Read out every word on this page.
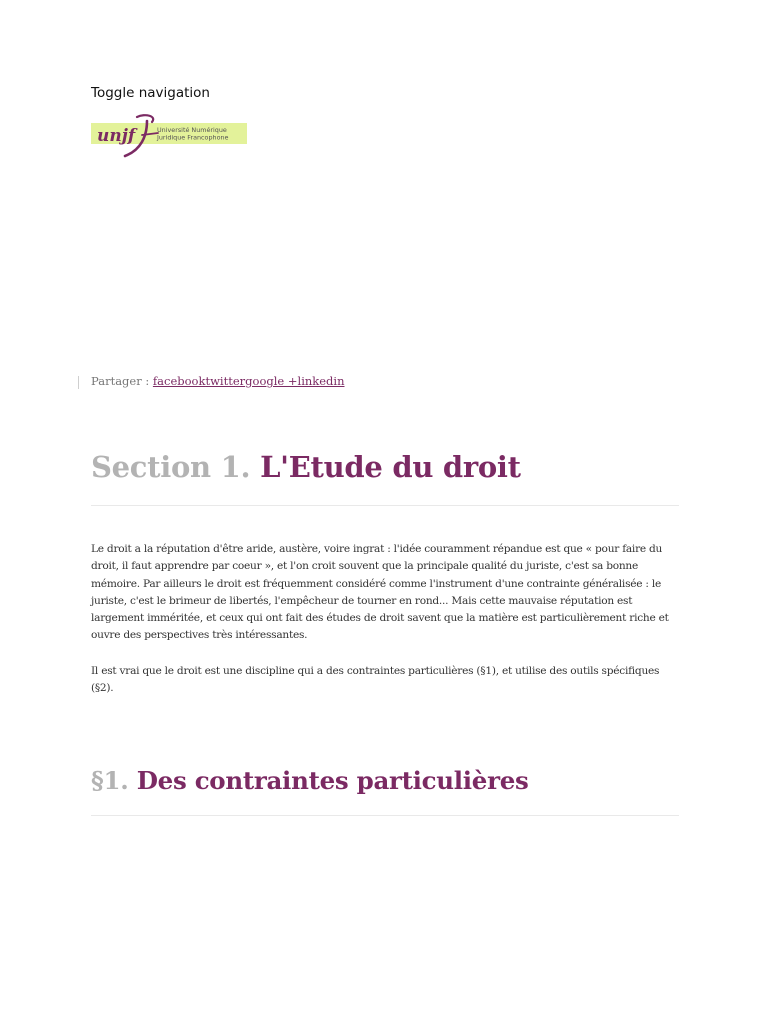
Toggle navigation
unjf	Université Numérique
Juridique Francophone
Partager : facebooktwittergoogle +linkedin
Section 1. L'Etude du droit

Le droit a la réputation d'être aride, austère, voire ingrat : l'idée couramment répandue est que « pour faire du droit, il faut apprendre par coeur », et l'on croit souvent que la principale qualité du juriste, c'est sa bonne mémoire. Par ailleurs le droit est fréquemment considéré comme l'instrument d'une contrainte généralisée : le juriste, c'est le brimeur de libertés, l'empêcheur de tourner en rond... Mais cette mauvaise réputation est largement imméritée, et ceux qui ont fait des études de droit savent que la matière est particulièrement riche et ouvre des perspectives très intéressantes.

Il est vrai que le droit est une discipline qui a des contraintes particulières (§1), et utilise des outils spécifiques (§2).

§1. Des contraintes particulières
